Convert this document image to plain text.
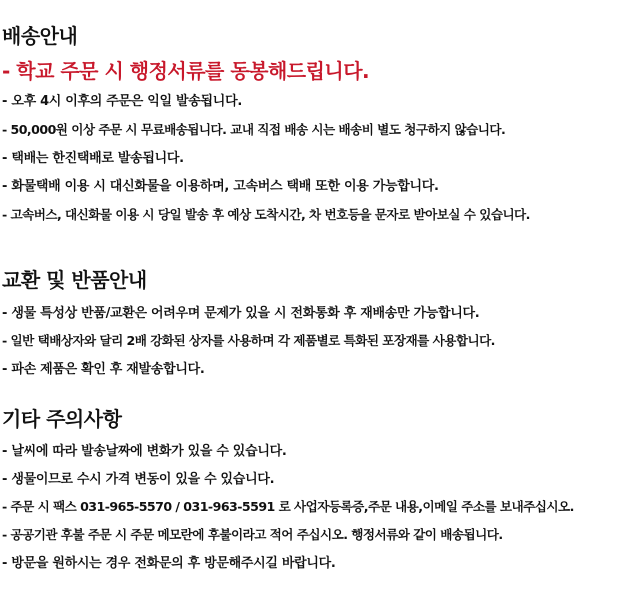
배송안내
- 학교 주문 시 행정서류를 동봉해드립니다.
- 오후 4시 이후의 주문은 익일 발송됩니다.
- 50,000원 이상 주문 시 무료배송됩니다. 교내 직접 배송 시는 배송비 별도 청구하지 않습니다.
- 택배는 한진택배로 발송됩니다.
- 화물택배 이용 시 대신화물을 이용하며, 고속버스 택배 또한 이용 가능합니다.
- 고속버스, 대신화물 이용 시 당일 발송 후 예상 도착시간, 차 번호등을 문자로 받아보실 수 있습니다.
교환 및 반품안내
- 생물 특성상 반품/교환은 어려우며 문제가 있을 시 전화통화 후 재배송만 가능합니다.
- 일반 택배상자와 달리 2배 강화된 상자를 사용하며 각 제품별로 특화된 포장재를 사용합니다.
- 파손 제품은 확인 후 재발송합니다.
기타 주의사항
- 날씨에 따라 발송날짜에 변화가 있을 수 있습니다.
- 생물이므로 수시 가격 변동이 있을 수 있습니다.
- 주문 시 팩스 031-965-5570 / 031-963-5591 로 사업자등록증,주문 내용,이메일 주소를 보내주십시오.
- 공공기관 후불 주문 시 주문 메모란에 후불이라고 적어 주십시오. 행정서류와 같이 배송됩니다.
- 방문을 원하시는 경우 전화문의 후 방문해주시길 바랍니다.
